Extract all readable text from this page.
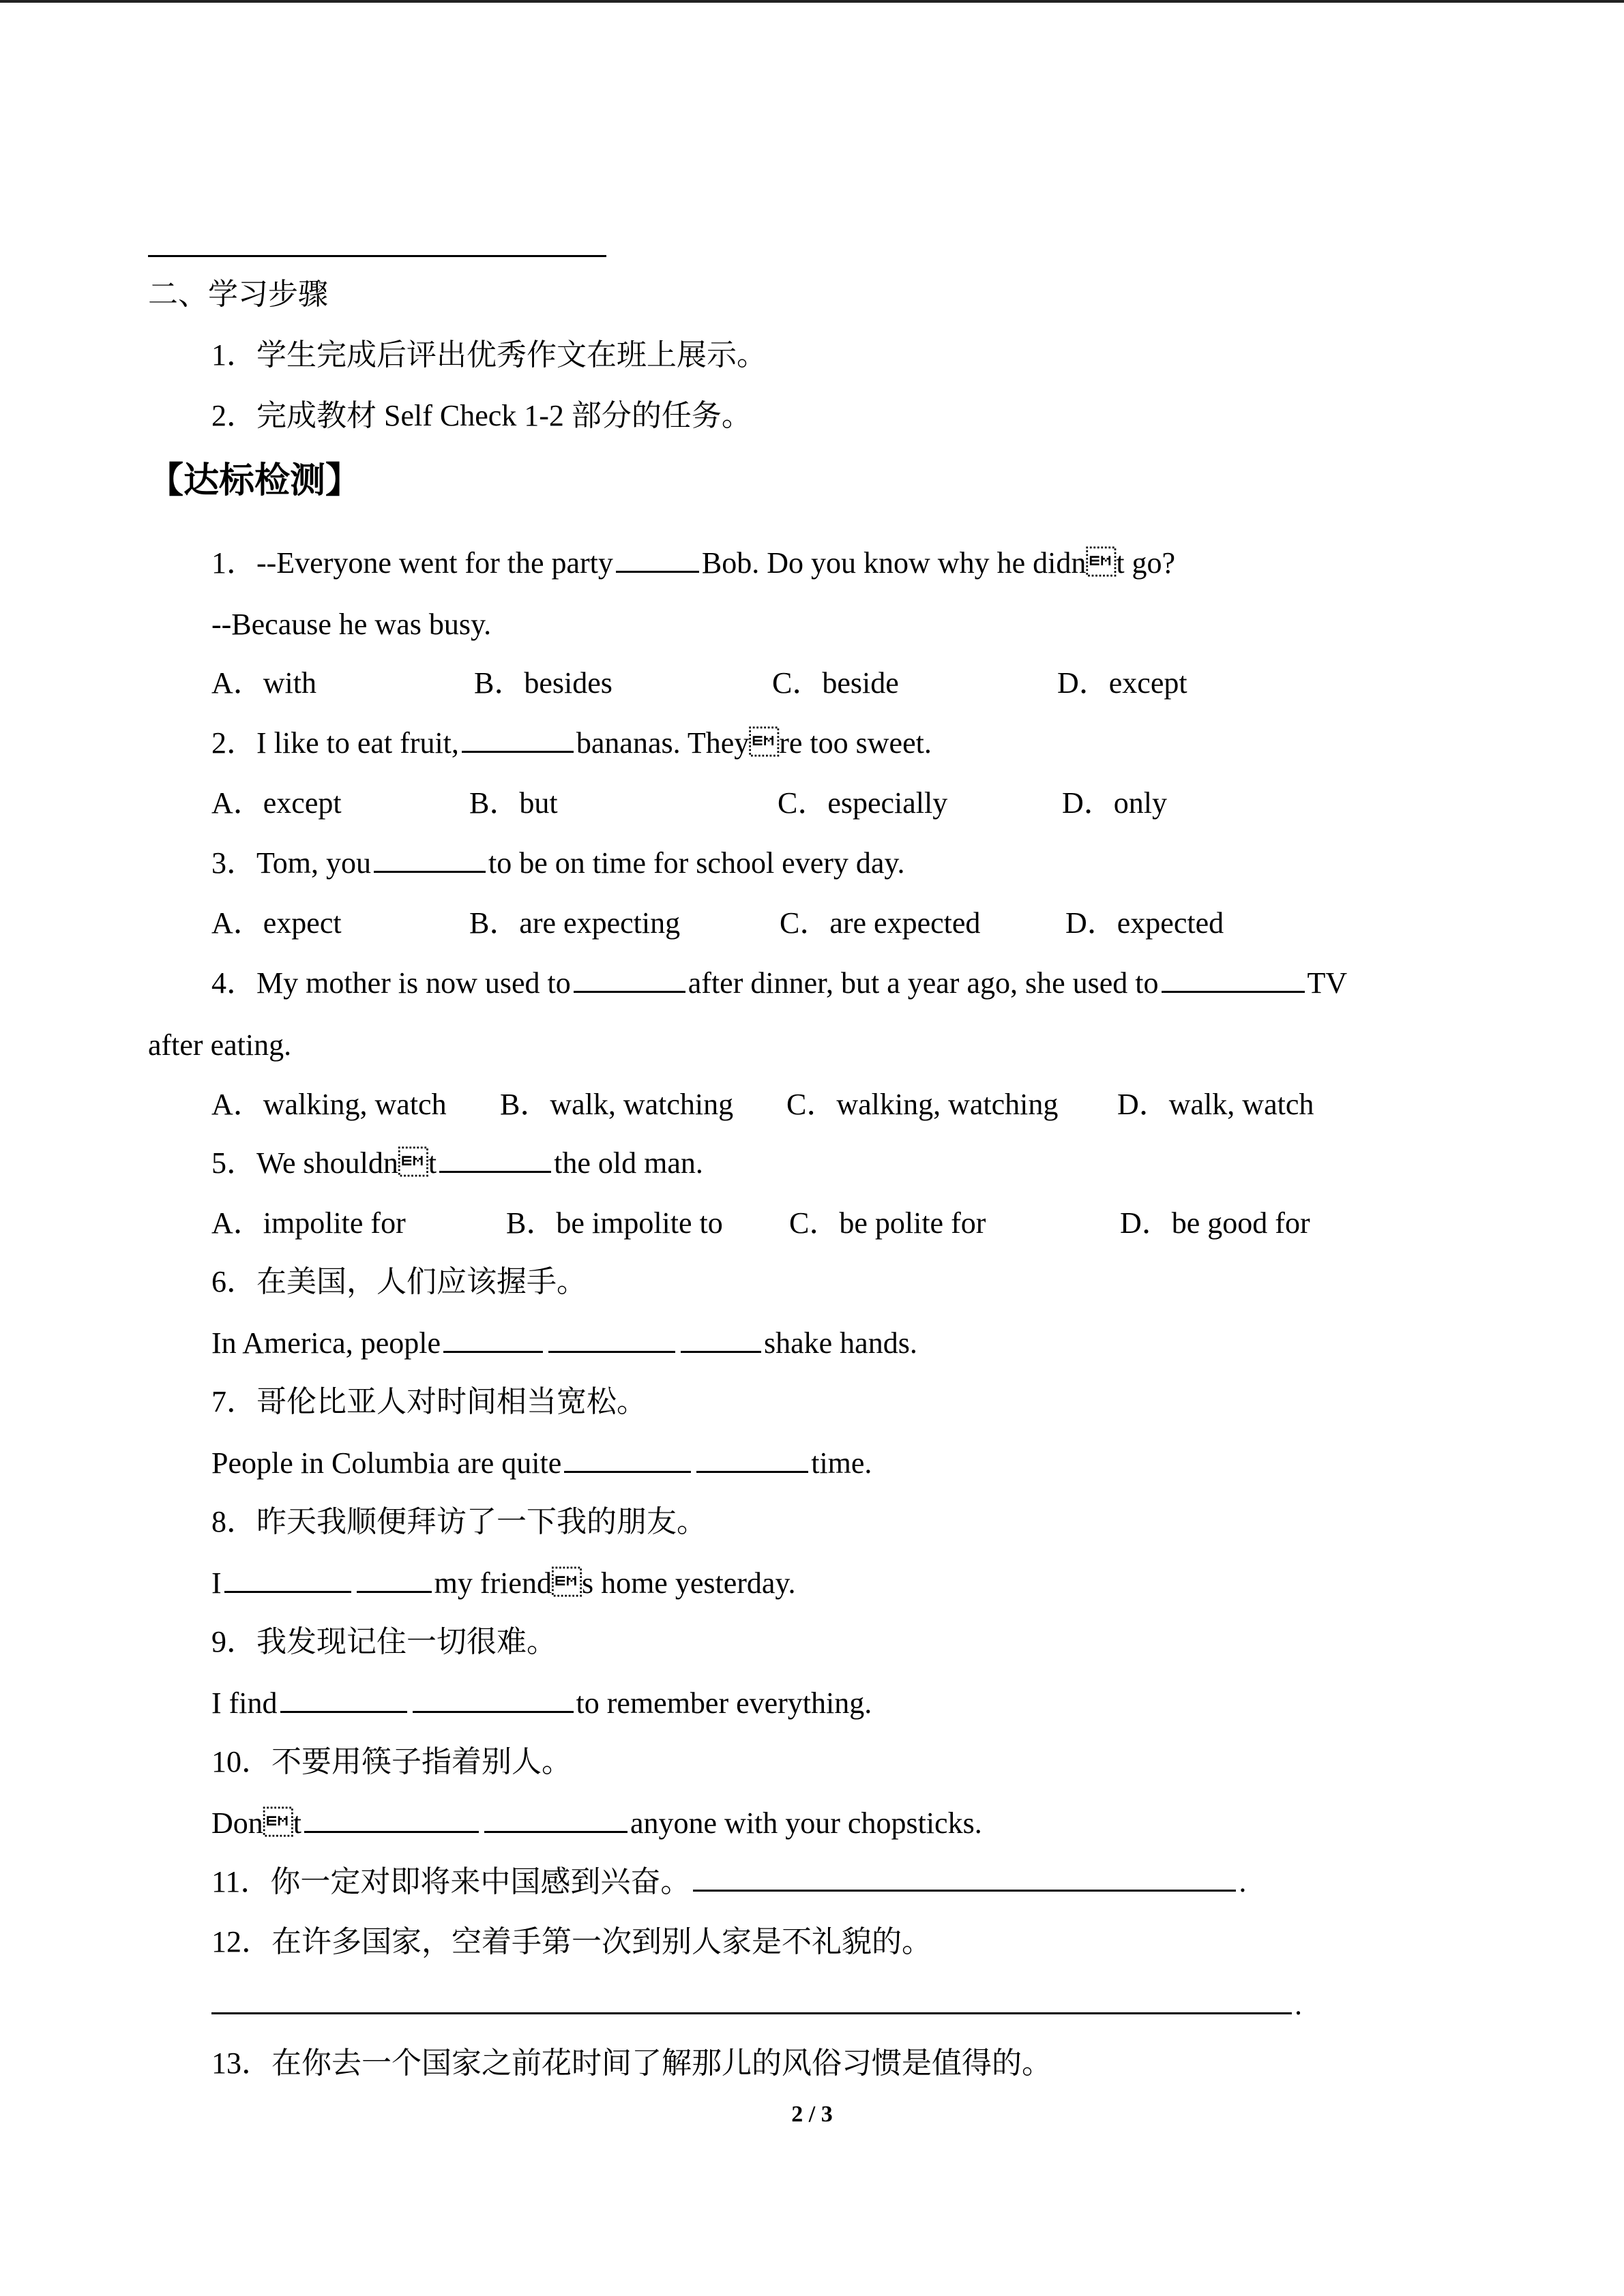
二、学习步骤
1．学生完成后评出优秀作文在班上展示。
2．完成教材 Self Check 1-2 部分的任务。
【达标检测】
1．--Everyone went for the party	Bob. Do you know why he didnt go?
--Because he was busy.
A．with	B．besides	C．beside	D．except
2．I like to eat fruit,	bananas. Theyre too sweet.
A．except	B．but	C．especially	D．only
3．Tom, you	to be on time for school every day.
A．expect	B．are expecting	C．are expected	D．expected
4．My mother is now used to	after dinner, but a year ago, she used to	TV
after eating.
A．walking, watch B．walk, watching C．walking, watching D．walk, watch
5．We shouldnt	the old man.
A．impolite for	B．be impolite to C．be polite for	D．be good for
6．在美国，人们应该握手。
In America, people	shake hands.
7．哥伦比亚人对时间相当宽松。
People in Columbia are quite	time.
8．昨天我顺便拜访了一下我的朋友。
I	my friends home yesterday.
9．我发现记住一切很难。
I find	to remember everything.
10．不要用筷子指着别人。
Dont	anyone with your chopsticks.
11．你一定对即将来中国感到兴奋。	.
12．在许多国家，空着手第一次到别人家是不礼貌的。
.
13．在你去一个国家之前花时间了解那儿的风俗习惯是值得的。
2 / 3
